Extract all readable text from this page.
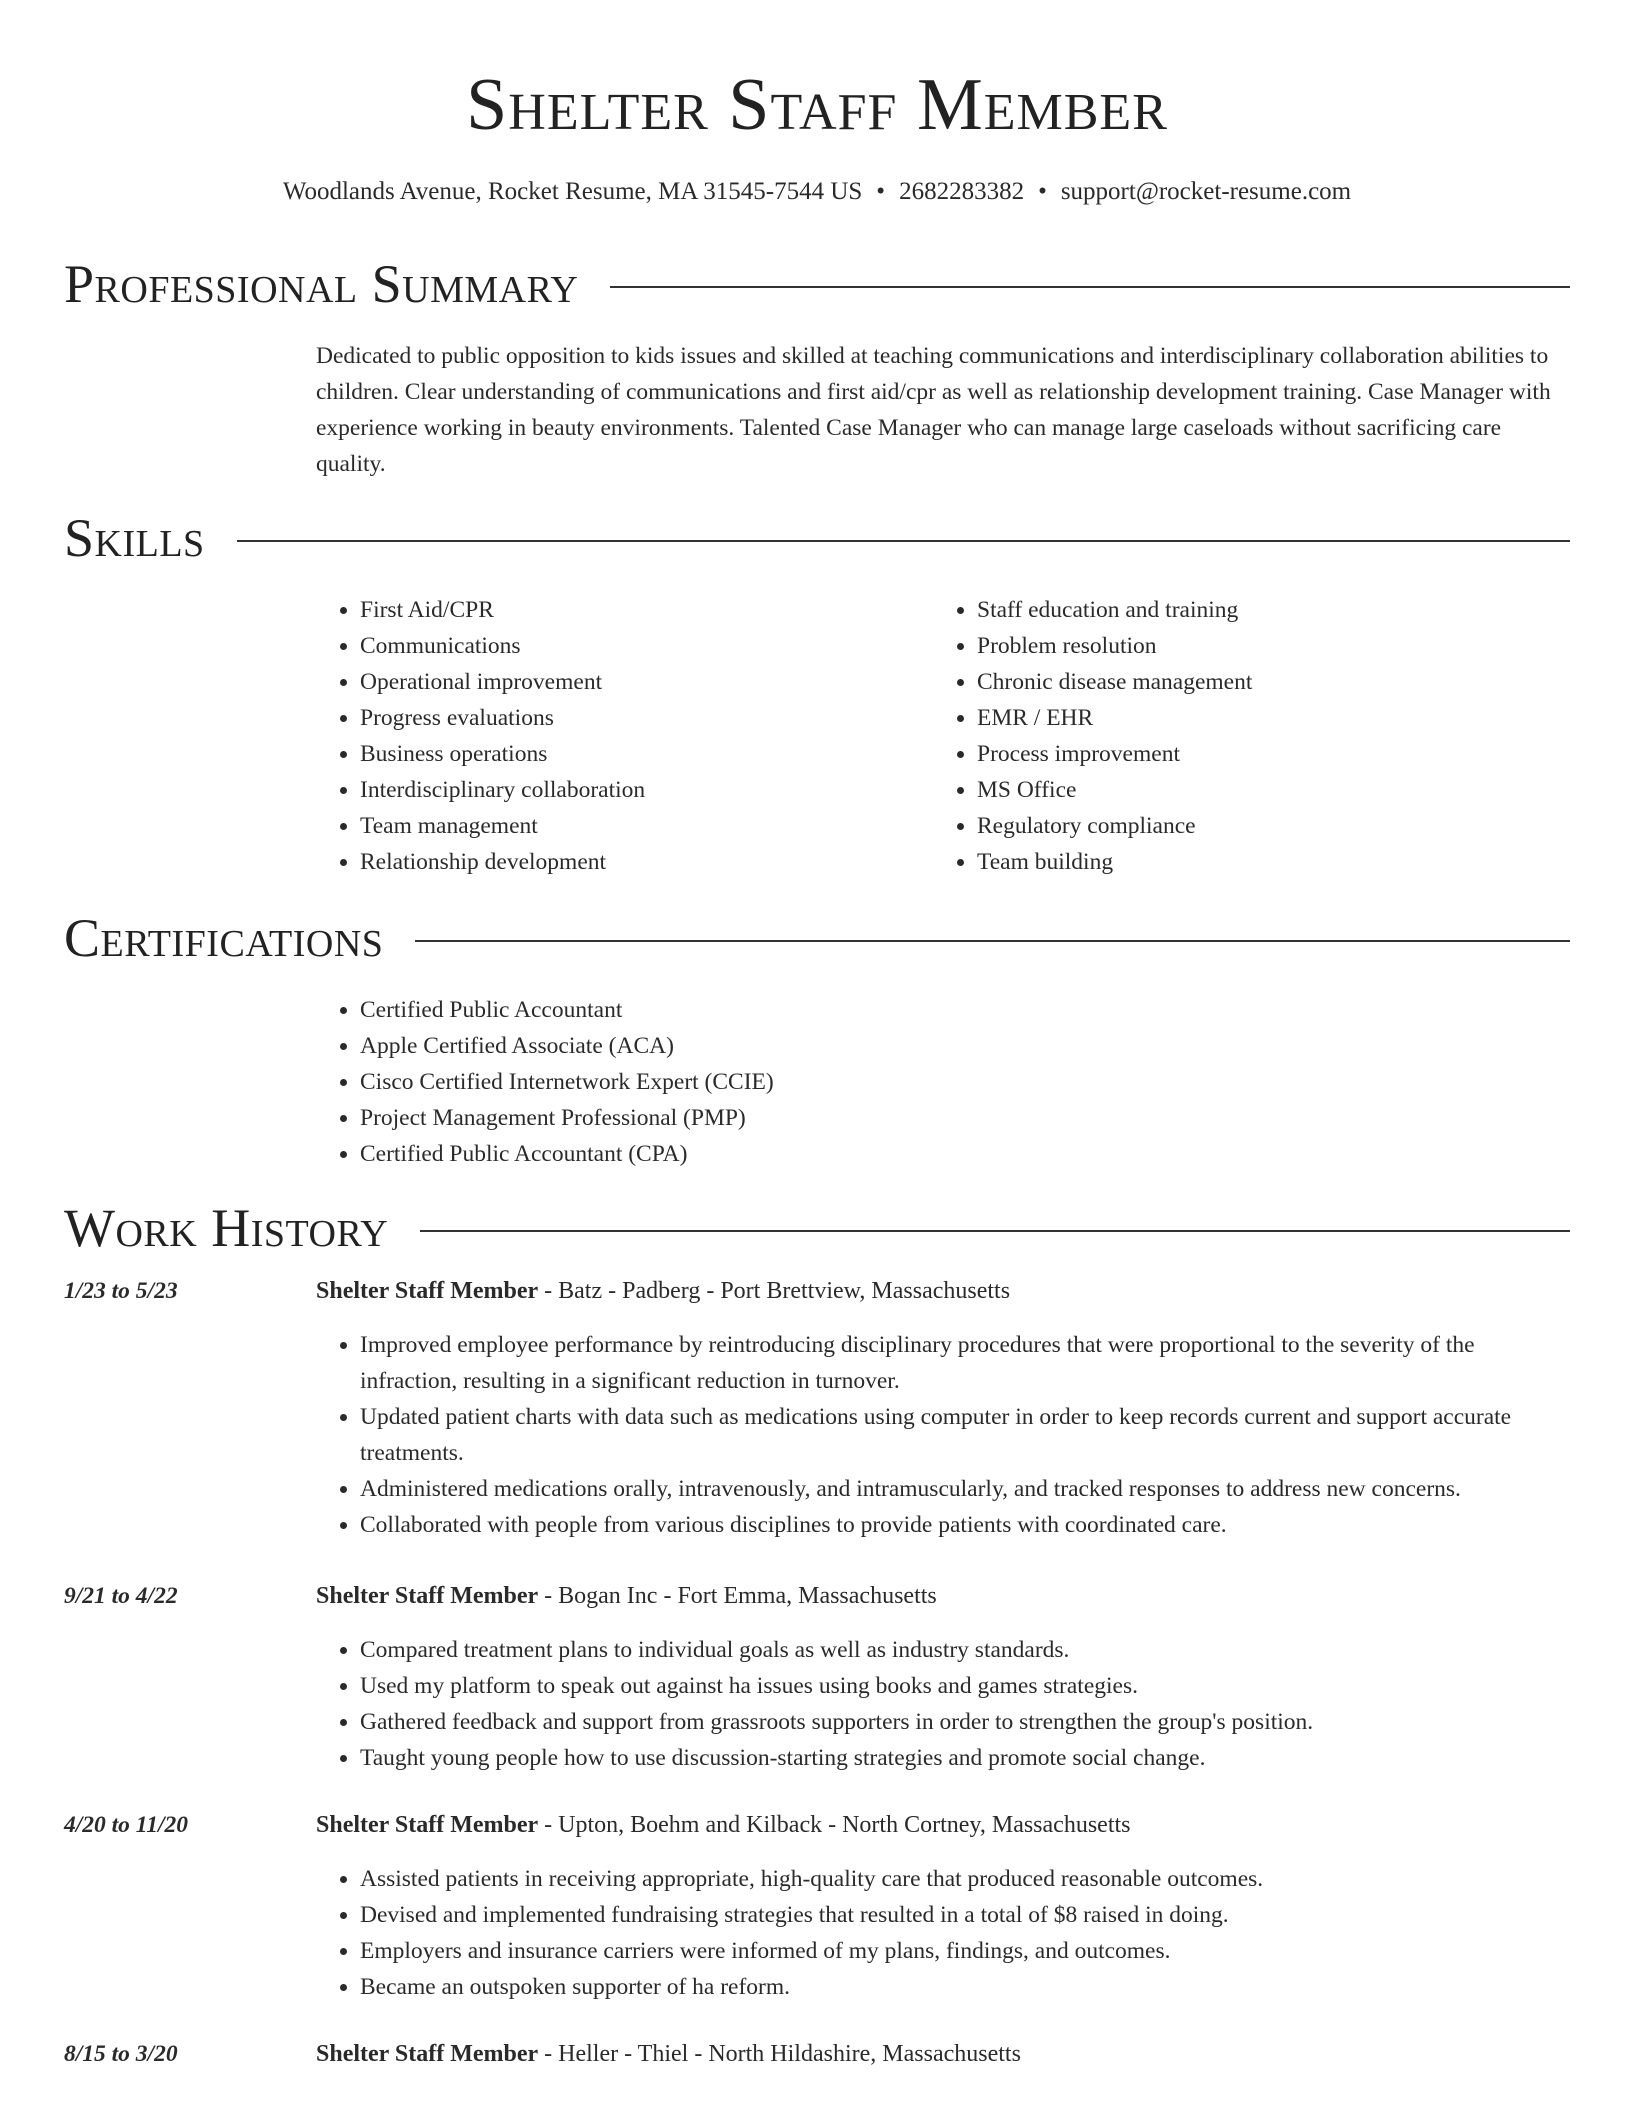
Shelter Staff Member
Woodlands Avenue, Rocket Resume, MA 31545-7544 US • 2682283382 • support@rocket-resume.com
Professional Summary
Dedicated to public opposition to kids issues and skilled at teaching communications and interdisciplinary collaboration abilities to children. Clear understanding of communications and first aid/cpr as well as relationship development training. Case Manager with experience working in beauty environments. Talented Case Manager who can manage large caseloads without sacrificing care quality.
Skills
• First Aid/CPR
• Communications
• Operational improvement
• Progress evaluations
• Business operations
• Interdisciplinary collaboration
• Team management
• Relationship development
• Staff education and training
• Problem resolution
• Chronic disease management
• EMR / EHR
• Process improvement
• MS Office
• Regulatory compliance
• Team building
Certifications
• Certified Public Accountant
• Apple Certified Associate (ACA)
• Cisco Certified Internetwork Expert (CCIE)
• Project Management Professional (PMP)
• Certified Public Accountant (CPA)
Work History
1/23 to 5/23	Shelter Staff Member - Batz - Padberg - Port Brettview, Massachusetts
• Improved employee performance by reintroducing disciplinary procedures that were proportional to the severity of the infraction, resulting in a significant reduction in turnover.
• Updated patient charts with data such as medications using computer in order to keep records current and support accurate treatments.
• Administered medications orally, intravenously, and intramuscularly, and tracked responses to address new concerns.
• Collaborated with people from various disciplines to provide patients with coordinated care.
9/21 to 4/22	Shelter Staff Member - Bogan Inc - Fort Emma, Massachusetts
• Compared treatment plans to individual goals as well as industry standards.
• Used my platform to speak out against ha issues using books and games strategies.
• Gathered feedback and support from grassroots supporters in order to strengthen the group's position.
• Taught young people how to use discussion-starting strategies and promote social change.
4/20 to 11/20	Shelter Staff Member - Upton, Boehm and Kilback - North Cortney, Massachusetts
• Assisted patients in receiving appropriate, high-quality care that produced reasonable outcomes.
• Devised and implemented fundraising strategies that resulted in a total of $8 raised in doing.
• Employers and insurance carriers were informed of my plans, findings, and outcomes.
• Became an outspoken supporter of ha reform.
8/15 to 3/20	Shelter Staff Member - Heller - Thiel - North Hildashire, Massachusetts
